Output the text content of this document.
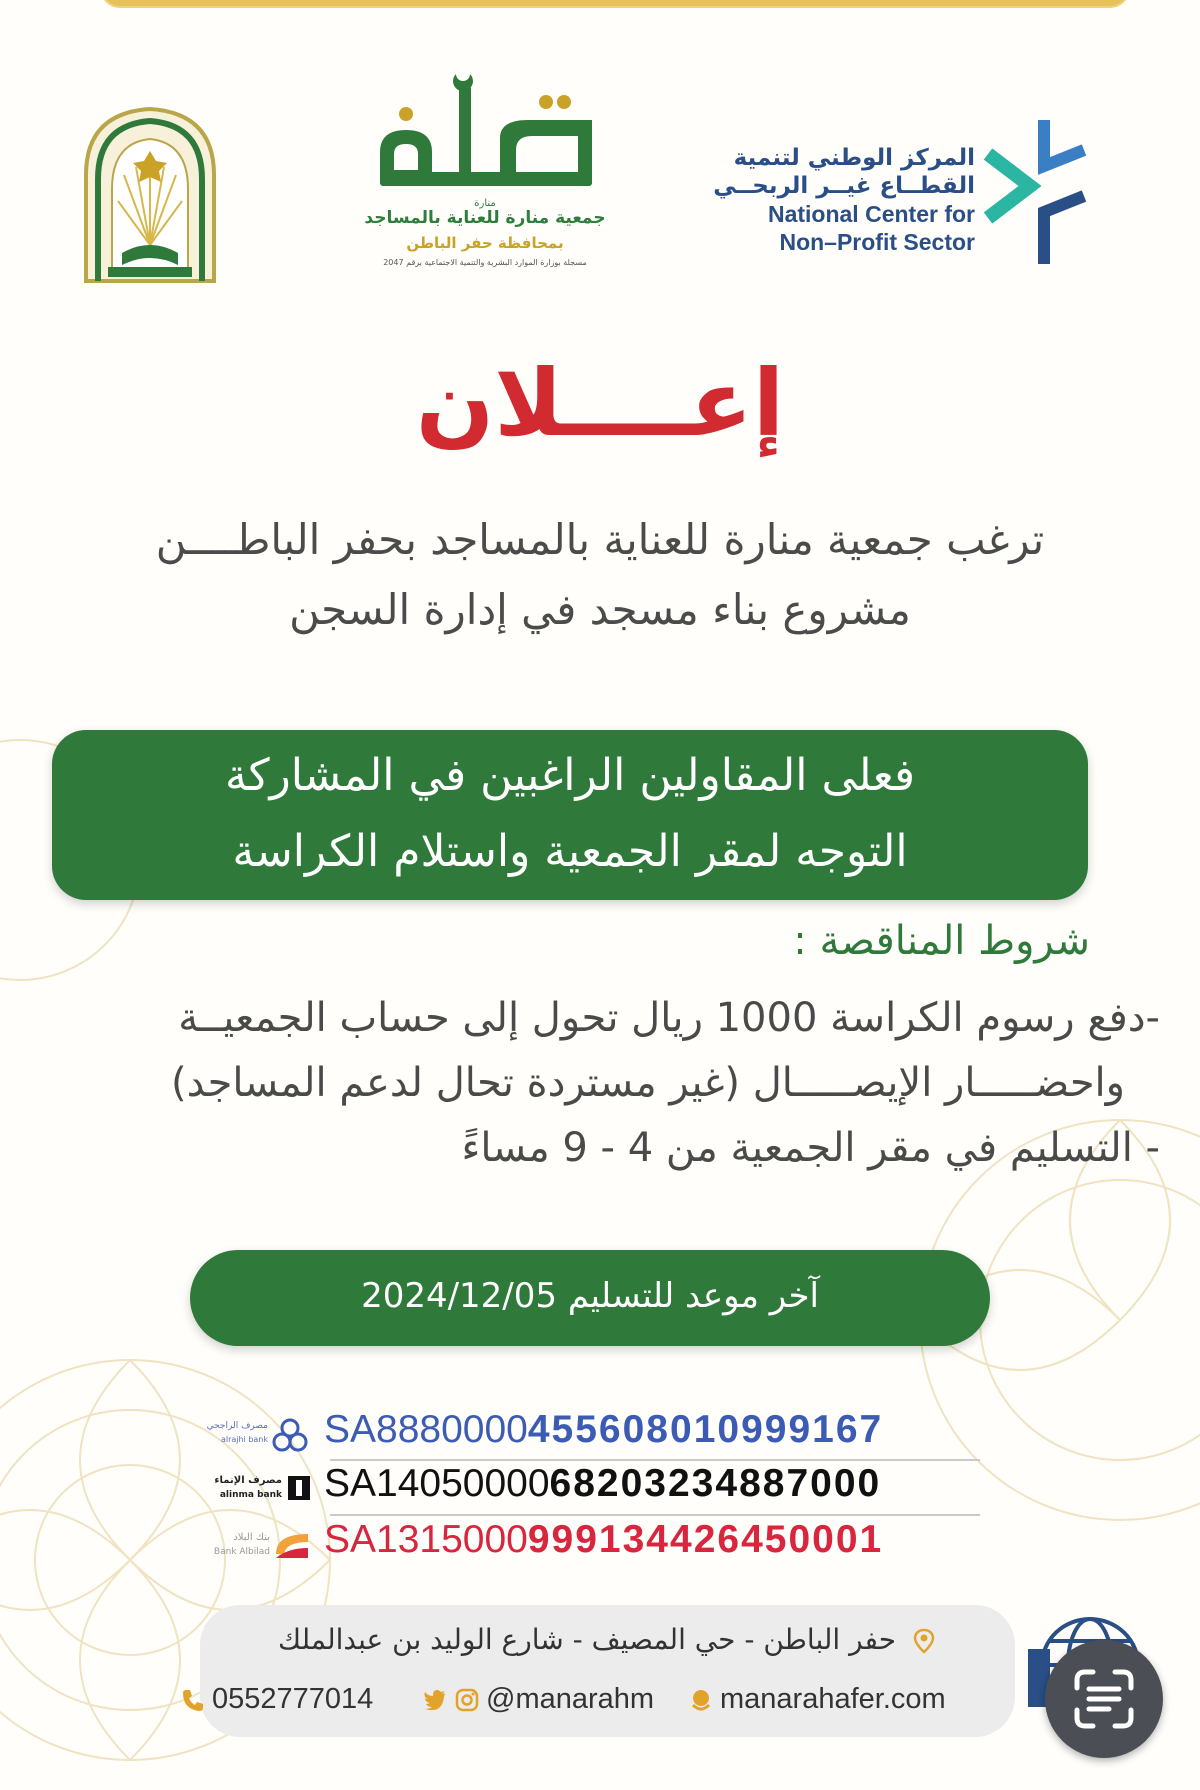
منارة
جمعية منارة للعناية بالمساجد
بمحافظة حفر الباطن
مسجلة بوزارة الموارد البشرية والتنمية الاجتماعية برقم 2047
المركز الوطني لتنمية
القطــاع غيــر الربحــي
National Center for
Non–Profit Sector
إعــــلان
ترغب جمعية منارة للعناية بالمساجد بحفر الباطــــن
مشروع بناء مسجد في إدارة السجن
فعلى المقاولين الراغبين في المشاركة
التوجه لمقر الجمعية واستلام الكراسة
شروط المناقصة :
-دفع رسوم الكراسة 1000 ريال تحول إلى حساب الجمعيــة
واحضـــــار الإيصـــــال (غير مستردة تحال لدعم المساجد)
- التسليم في مقر الجمعية من 4 - 9 مساءً
آخر موعد للتسليم 2024/12/05
مصرف الراجحي
alrajhi bank SA8880000455608010999167
مصرف الإنماء
alinma bank SA1405000068203234887000
بنك البلاد
Bank Albilad SA1315000999134426450001
حفر الباطن - حي المصيف - شارع الوليد بن عبدالملك
0552777014	@manarahm	manarahafer.com
